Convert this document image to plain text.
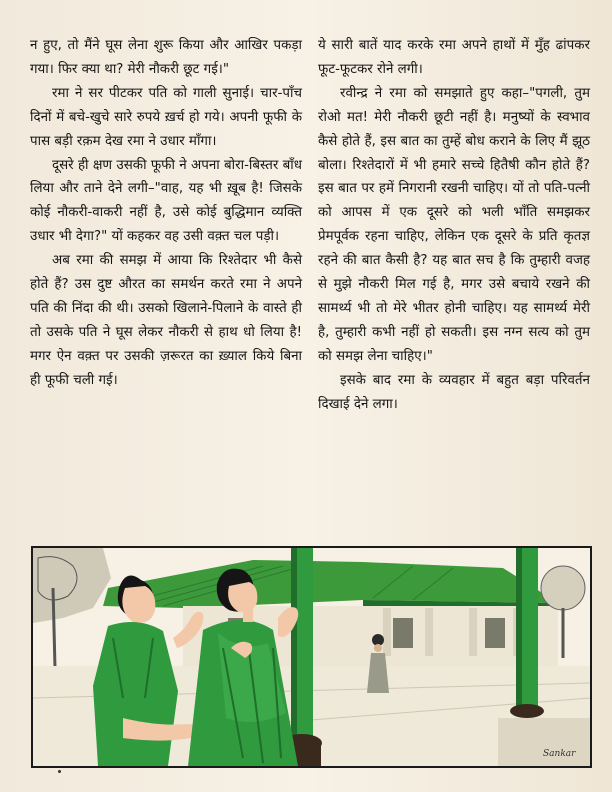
न हुए, तो मैंने घूस लेना शुरू किया और आखिर पकड़ा गया। फिर क्या था? मेरी नौकरी छूट गई।"

रमा ने सर पीटकर पति को गाली सुनाई। चार-पाँच दिनों में बचे-खुचे सारे रुपये ख़र्च हो गये। अपनी फूफी के पास बड़ी रक़म देख रमा ने उधार माँगा।

दूसरे ही क्षण उसकी फूफी ने अपना बोरा-बिस्तर बाँध लिया और ताने देने लगी–"वाह, यह भी ख़ूब है! जिसके कोई नौकरी-वाकरी नहीं है, उसे कोई बुद्धिमान व्यक्ति उधार भी देगा?" यों कहकर वह उसी वक़्त चल पड़ी।

अब रमा की समझ में आया कि रिश्तेदार भी कैसे होते हैं? उस दुष्ट औरत का समर्थन करते रमा ने अपने पति की निंदा की थी। उसको खिलाने-पिलाने के वास्ते ही तो उसके पति ने घूस लेकर नौकरी से हाथ धो लिया है! मगर ऐन वक़्त पर उसकी ज़रूरत का ख़्याल किये बिना ही फूफी चली गई।

ये सारी बातें याद करके रमा अपने हाथों में मुँह ढांपकर फूट-फूटकर रोने लगी।

रवीन्द्र ने रमा को समझाते हुए कहा–"पगली, तुम रोओ मत! मेरी नौकरी छूटी नहीं है। मनुष्यों के स्वभाव कैसे होते हैं, इस बात का तुम्हें बोध कराने के लिए मैं झूठ बोला। रिश्तेदारों में भी हमारे सच्चे हितैषी कौन होते हैं? इस बात पर हमें निगरानी रखनी चाहिए। यों तो पति-पत्नी को आपस में एक दूसरे को भली भाँति समझकर प्रेमपूर्वक रहना चाहिए, लेकिन एक दूसरे के प्रति कृतज्ञ रहने की बात कैसी है? यह बात सच है कि तुम्हारी वजह से मुझे नौकरी मिल गई है, मगर उसे बचाये रखने की सामर्थ्य भी तो मेरे भीतर होनी चाहिए। यह सामर्थ्य मेरी है, तुम्हारी कभी नहीं हो सकती। इस नग्न सत्य को तुम को समझ लेना चाहिए।"

इसके बाद रमा के व्यवहार में बहुत बड़ा परिवर्तन दिखाई देने लगा।

Sankar
